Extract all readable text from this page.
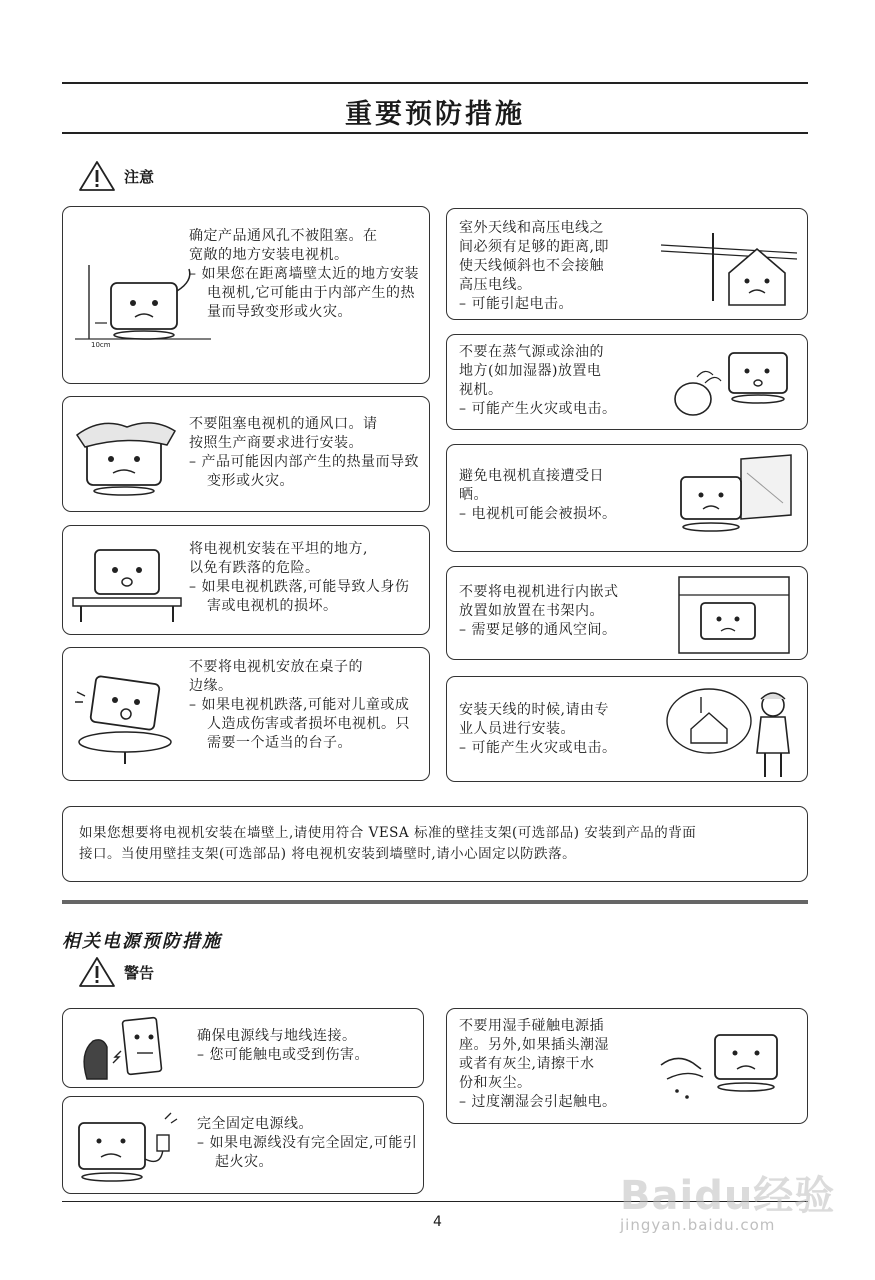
重要预防措施
注意
10cm
确定产品通风孔不被阻塞。在
宽敞的地方安装电视机。
– 如果您在距离墙壁太近的地方安装电视机,它可能由于内部产生的热量而导致变形或火灾。
不要阻塞电视机的通风口。请
按照生产商要求进行安装。
– 产品可能因内部产生的热量而导致变形或火灾。
将电视机安装在平坦的地方,
以免有跌落的危险。
– 如果电视机跌落,可能导致人身伤害或电视机的损坏。
不要将电视机安放在桌子的
边缘。
– 如果电视机跌落,可能对儿童或成人造成伤害或者损坏电视机。只需要一个适当的台子。
室外天线和高压电线之
间必须有足够的距离,即
使天线倾斜也不会接触
高压电线。
– 可能引起电击。
不要在蒸气源或涂油的
地方(如加湿器)放置电
视机。
– 可能产生火灾或电击。
避免电视机直接遭受日
晒。
– 电视机可能会被损坏。
不要将电视机进行内嵌式
放置如放置在书架内。
– 需要足够的通风空间。
安装天线的时候,请由专
业人员进行安装。
– 可能产生火灾或电击。
如果您想要将电视机安装在墙壁上,请使用符合 VESA 标准的壁挂支架(可选部品) 安装到产品的背面
接口。当使用壁挂支架(可选部品) 将电视机安装到墙壁时,请小心固定以防跌落。
相关电源预防措施
警告
确保电源线与地线连接。
– 您可能触电或受到伤害。
完全固定电源线。
– 如果电源线没有完全固定,可能引起火灾。
不要用湿手碰触电源插
座。另外,如果插头潮湿
或者有灰尘,请擦干水
份和灰尘。
– 过度潮湿会引起触电。
4
Baidu经验
jingyan.baidu.com
